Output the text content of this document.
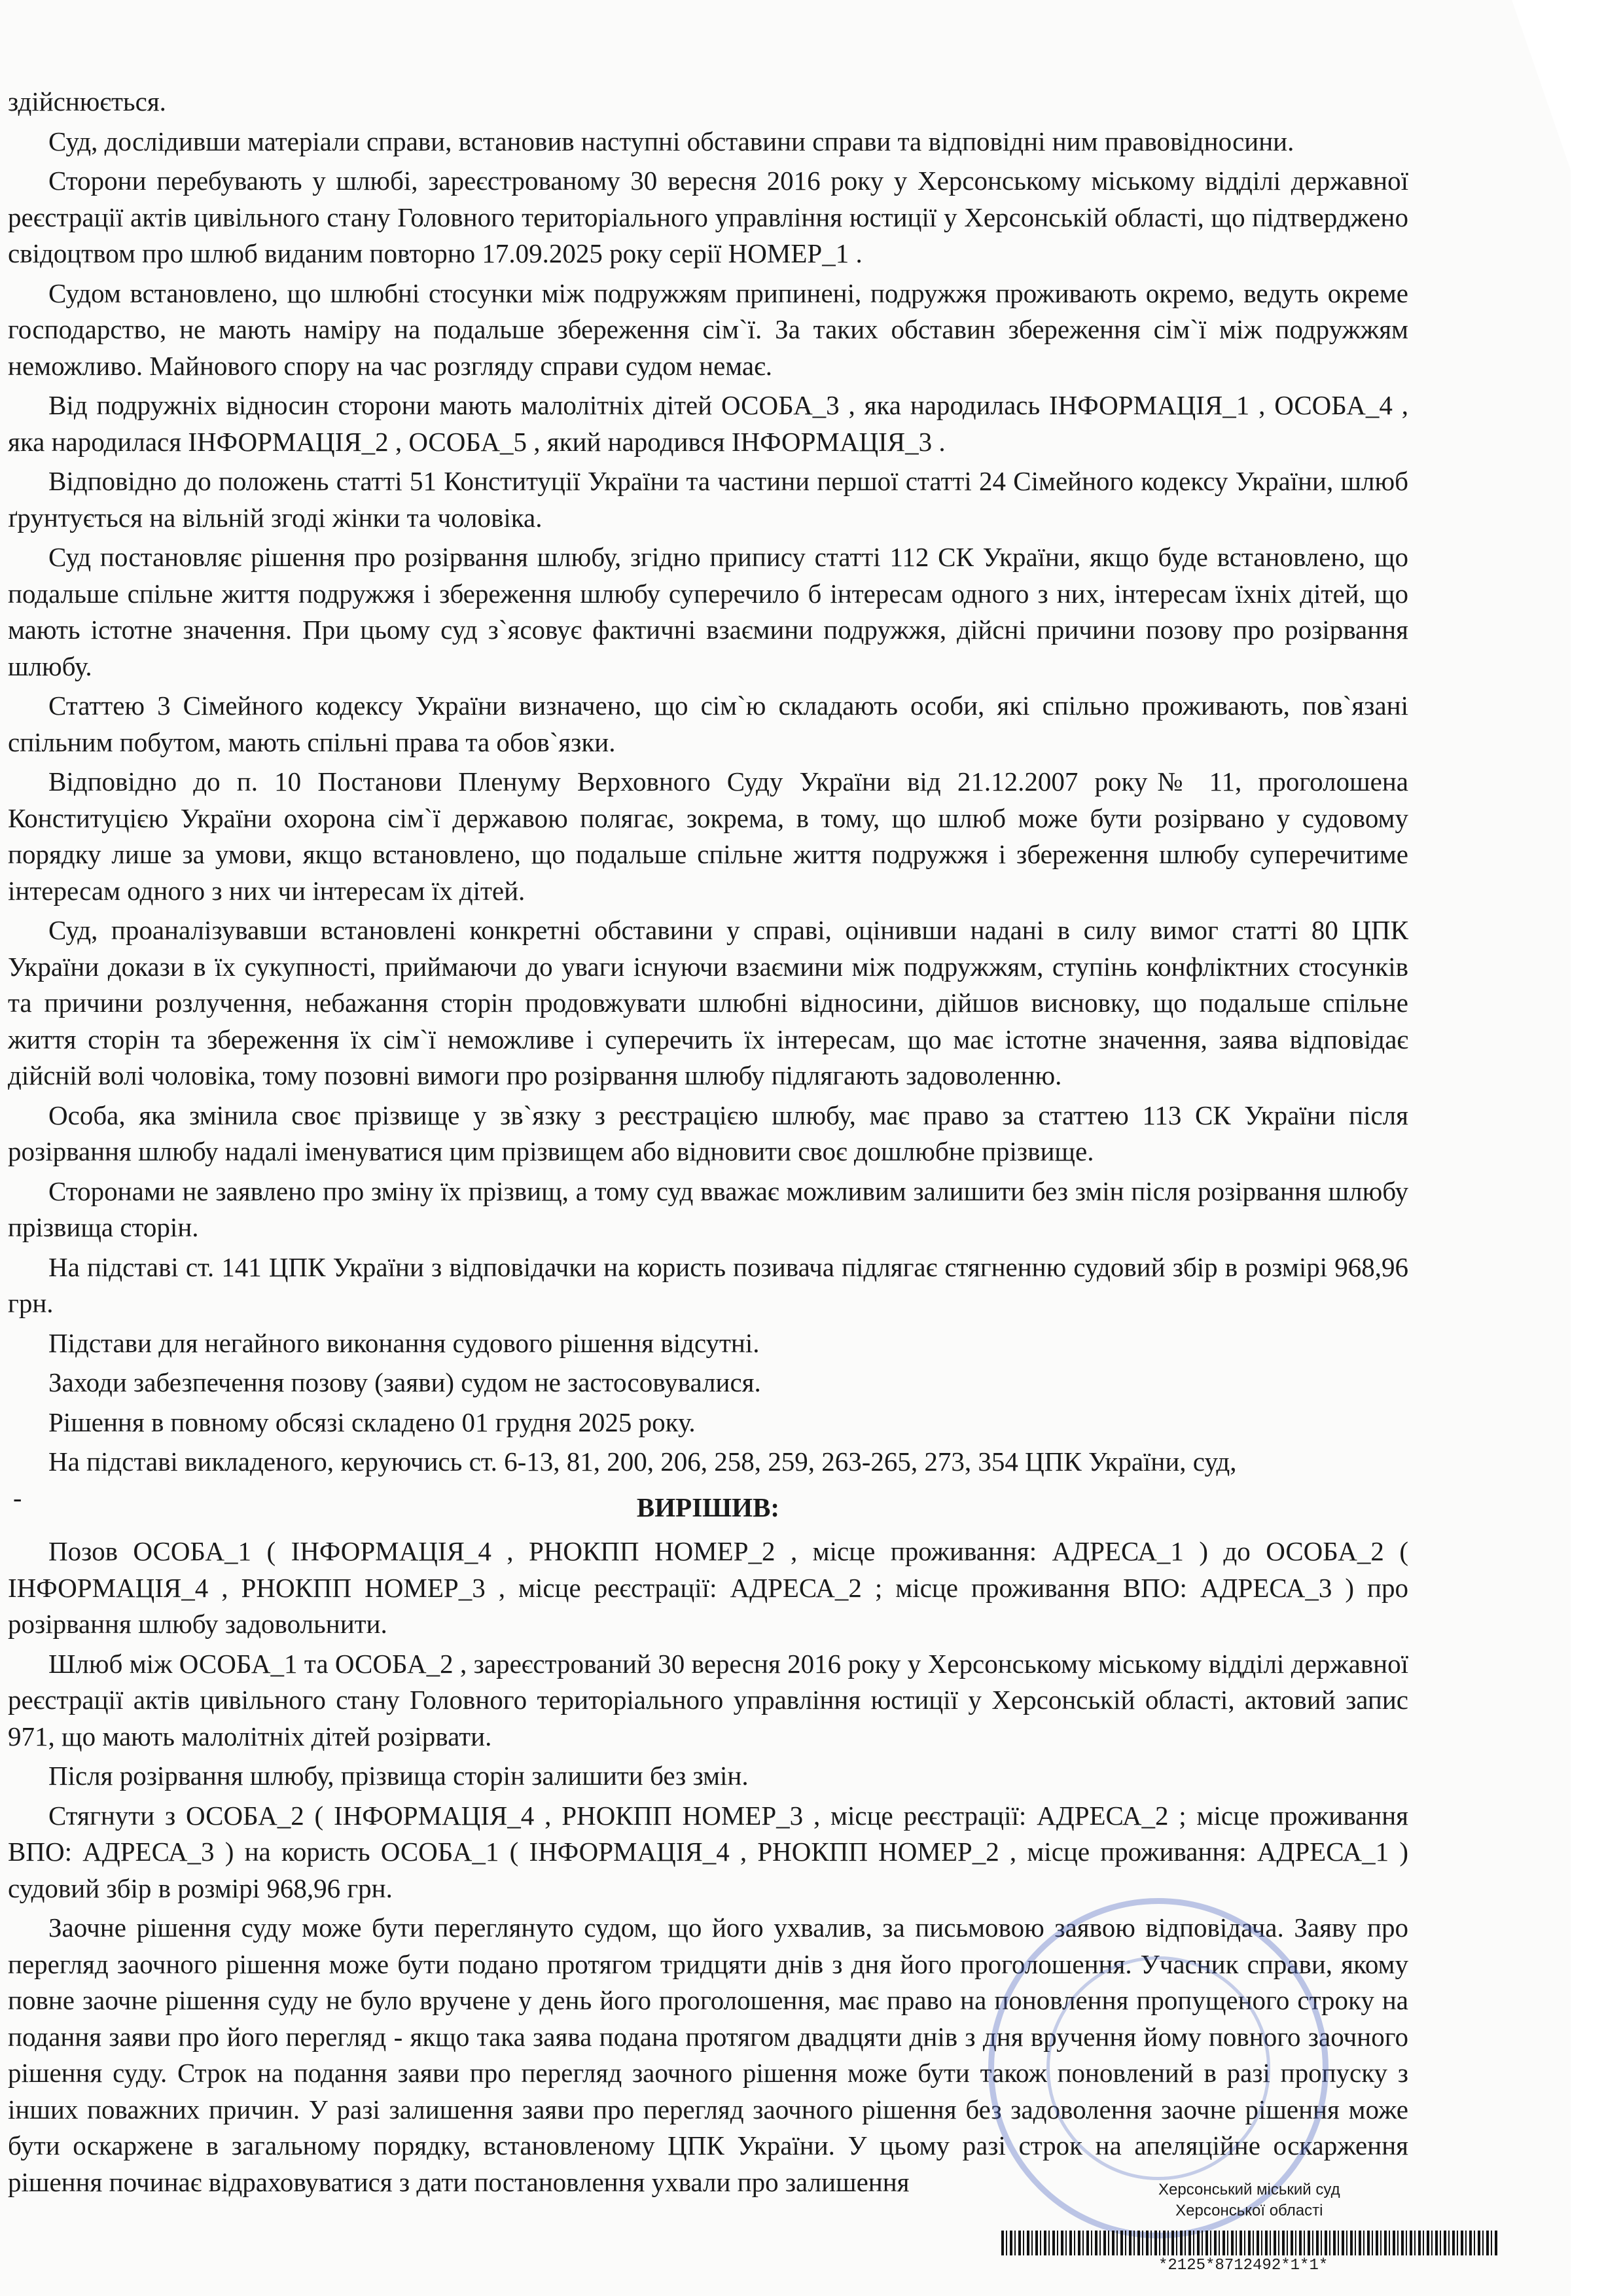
здійснюється.

Суд, дослідивши матеріали справи, встановив наступні обставини справи та відповідні ним правовідносини.

Сторони перебувають у шлюбі, зареєстрованому 30 вересня 2016 року у Херсонському міському відділі державної реєстрації актів цивільного стану Головного територіального управління юстиції у Херсонській області, що підтверджено свідоцтвом про шлюб виданим повторно 17.09.2025 року серії НОМЕР_1 .

Судом встановлено, що шлюбні стосунки між подружжям припинені, подружжя проживають окремо, ведуть окреме господарство, не мають наміру на подальше збереження сім`ї. За таких обставин збереження сім`ї між подружжям неможливо. Майнового спору на час розгляду справи судом немає.

Від подружніх відносин сторони мають малолітніх дітей ОСОБА_3 , яка народилась ІНФОРМАЦІЯ_1 , ОСОБА_4 , яка народилася ІНФОРМАЦІЯ_2 , ОСОБА_5 , який народився ІНФОРМАЦІЯ_3 .

Відповідно до положень статті 51 Конституції України та частини першої статті 24 Сімейного кодексу України, шлюб ґрунтується на вільній згоді жінки та чоловіка.

Суд постановляє рішення про розірвання шлюбу, згідно припису статті 112 СК України, якщо буде встановлено, що подальше спільне життя подружжя і збереження шлюбу суперечило б інтересам одного з них, інтересам їхніх дітей, що мають істотне значення. При цьому суд з`ясовує фактичні взаємини подружжя, дійсні причини позову про розірвання шлюбу.

Статтею 3 Сімейного кодексу України визначено, що сім`ю складають особи, які спільно проживають, пов`язані спільним побутом, мають спільні права та обов`язки.

Відповідно до п. 10 Постанови Пленуму Верховного Суду України від 21.12.2007 року№ 11, проголошена Конституцією України охорона сім`ї державою полягає, зокрема, в тому, що шлюб може бути розірвано у судовому порядку лише за умови, якщо встановлено, що подальше спільне життя подружжя і збереження шлюбу суперечитиме інтересам одного з них чи інтересам їх дітей.

Суд, проаналізувавши встановлені конкретні обставини у справі, оцінивши надані в силу вимог статті 80 ЦПК України докази в їх сукупності, приймаючи до уваги існуючи взаємини між подружжям, ступінь конфліктних стосунків та причини розлучення, небажання сторін продовжувати шлюбні відносини, дійшов висновку, що подальше спільне життя сторін та збереження їх сім`ї неможливе і суперечить їх інтересам, що має істотне значення, заява відповідає дійсній волі чоловіка, тому позовні вимоги про розірвання шлюбу підлягають задоволенню.

Особа, яка змінила своє прізвище у зв`язку з реєстрацією шлюбу, має право за статтею 113 СК України після розірвання шлюбу надалі іменуватися цим прізвищем або відновити своє дошлюбне прізвище.

Сторонами не заявлено про зміну їх прізвищ, а тому суд вважає можливим залишити без змін після розірвання шлюбу прізвища сторін.

На підставі ст. 141 ЦПК України з відповідачки на користь позивача підлягає стягненню судовий збір в розмірі 968,96 грн.

Підстави для негайного виконання судового рішення відсутні.

Заходи забезпечення позову (заяви) судом не застосовувалися.

Рішення в повному обсязі складено 01 грудня 2025 року.

На підставі викладеного, керуючись ст. 6-13, 81, 200, 206, 258, 259, 263-265, 273, 354 ЦПК України, суд,

ВИРІШИВ:

Позов ОСОБА_1 ( ІНФОРМАЦІЯ_4 , РНОКПП НОМЕР_2 , місце проживання: АДРЕСА_1 ) до ОСОБА_2 ( ІНФОРМАЦІЯ_4 , РНОКПП НОМЕР_3 , місце реєстрації: АДРЕСА_2 ; місце проживання ВПО: АДРЕСА_3 ) про розірвання шлюбу задовольнити.

Шлюб між ОСОБА_1 та ОСОБА_2 , зареєстрований 30 вересня 2016 року у Херсонському міському відділі державної реєстрації актів цивільного стану Головного територіального управління юстиції у Херсонській області, актовий запис 971, що мають малолітніх дітей розірвати.

Після розірвання шлюбу, прізвища сторін залишити без змін.

Стягнути з ОСОБА_2 ( ІНФОРМАЦІЯ_4 , РНОКПП НОМЕР_3 , місце реєстрації: АДРЕСА_2 ; місце проживання ВПО: АДРЕСА_3 ) на користь ОСОБА_1 ( ІНФОРМАЦІЯ_4 , РНОКПП НОМЕР_2 , місце проживання: АДРЕСА_1 ) судовий збір в розмірі 968,96 грн.

Заочне рішення суду може бути переглянуто судом, що його ухвалив, за письмовою заявою відповідача. Заяву про перегляд заочного рішення може бути подано протягом тридцяти днів з дня його проголошення. Учасник справи, якому повне заочне рішення суду не було вручене у день його проголошення, має право на поновлення пропущеного строку на подання заяви про його перегляд - якщо така заява подана протягом двадцяти днів з дня вручення йому повного заочного рішення суду. Строк на подання заяви про перегляд заочного рішення може бути також поновлений в разі пропуску з інших поважних причин. У разі залишення заяви про перегляд заочного рішення без задоволення заочне рішення може бути оскаржене в загальному порядку, встановленому ЦПК України. У цьому разі строк на апеляційне оскарження рішення починає відраховуватися з дати постановлення ухвали про залишення

-
Херсонський міський суд
Херсонської області
*2125*8712492*1*1*
